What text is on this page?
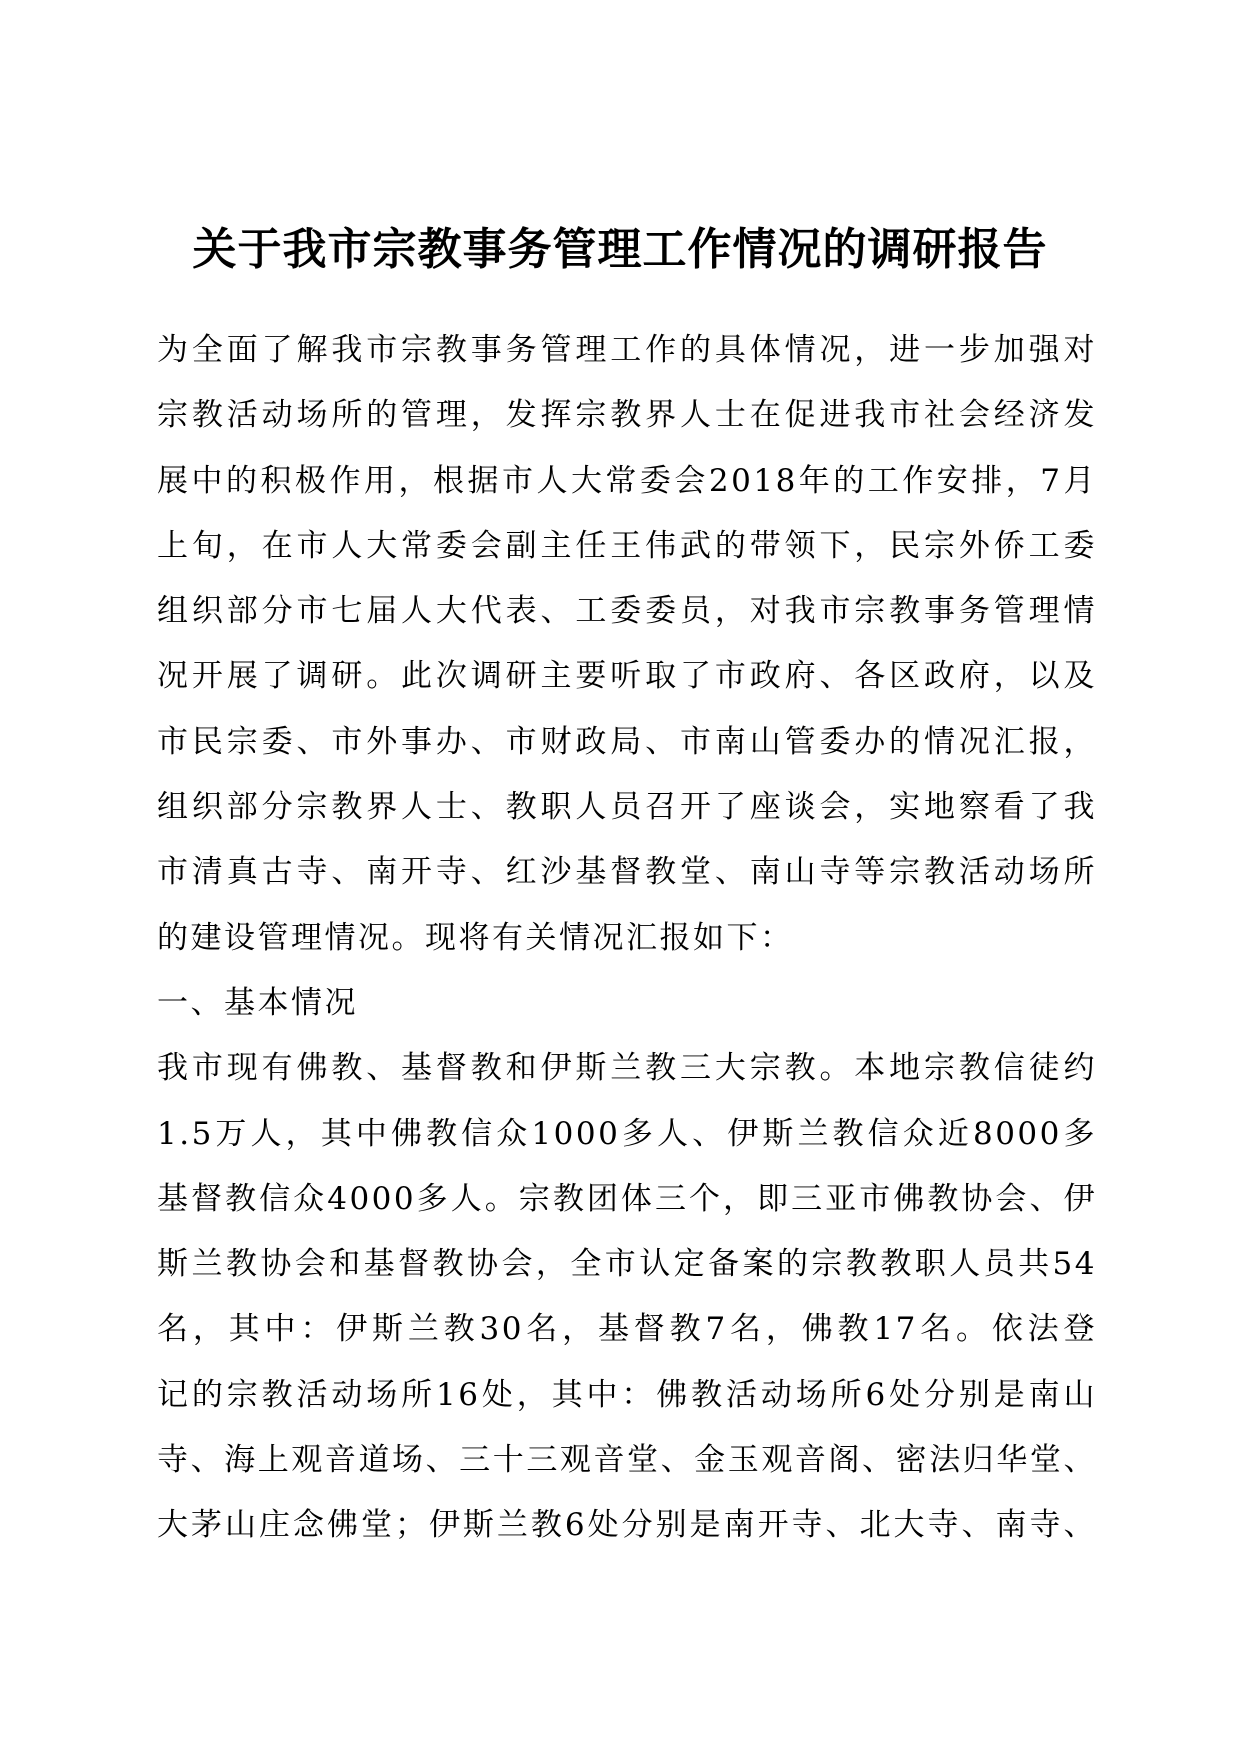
关于我市宗教事务管理工作情况的调研报告
为全面了解我市宗教事务管理工作的具体情况，进一步加强对
宗教活动场所的管理，发挥宗教界人士在促进我市社会经济发
展中的积极作用，根据市人大常委会2018年的工作安排，7月
上旬，在市人大常委会副主任王伟武的带领下，民宗外侨工委
组织部分市七届人大代表、工委委员，对我市宗教事务管理情
况开展了调研。此次调研主要听取了市政府、各区政府，以及
市民宗委、市外事办、市财政局、市南山管委办的情况汇报，
组织部分宗教界人士、教职人员召开了座谈会，实地察看了我
市清真古寺、南开寺、红沙基督教堂、南山寺等宗教活动场所
的建设管理情况。现将有关情况汇报如下：
一、基本情况
我市现有佛教、基督教和伊斯兰教三大宗教。本地宗教信徒约
1.5万人，其中佛教信众1000多人、伊斯兰教信众近8000多
基督教信众4000多人。宗教团体三个，即三亚市佛教协会、伊
斯兰教协会和基督教协会，全市认定备案的宗教教职人员共54
名，其中：伊斯兰教30名，基督教7名，佛教17名。依法登
记的宗教活动场所16处，其中：佛教活动场所6处分别是南山
寺、海上观音道场、三十三观音堂、金玉观音阁、密法归华堂、
大茅山庄念佛堂；伊斯兰教6处分别是南开寺、北大寺、南寺、
